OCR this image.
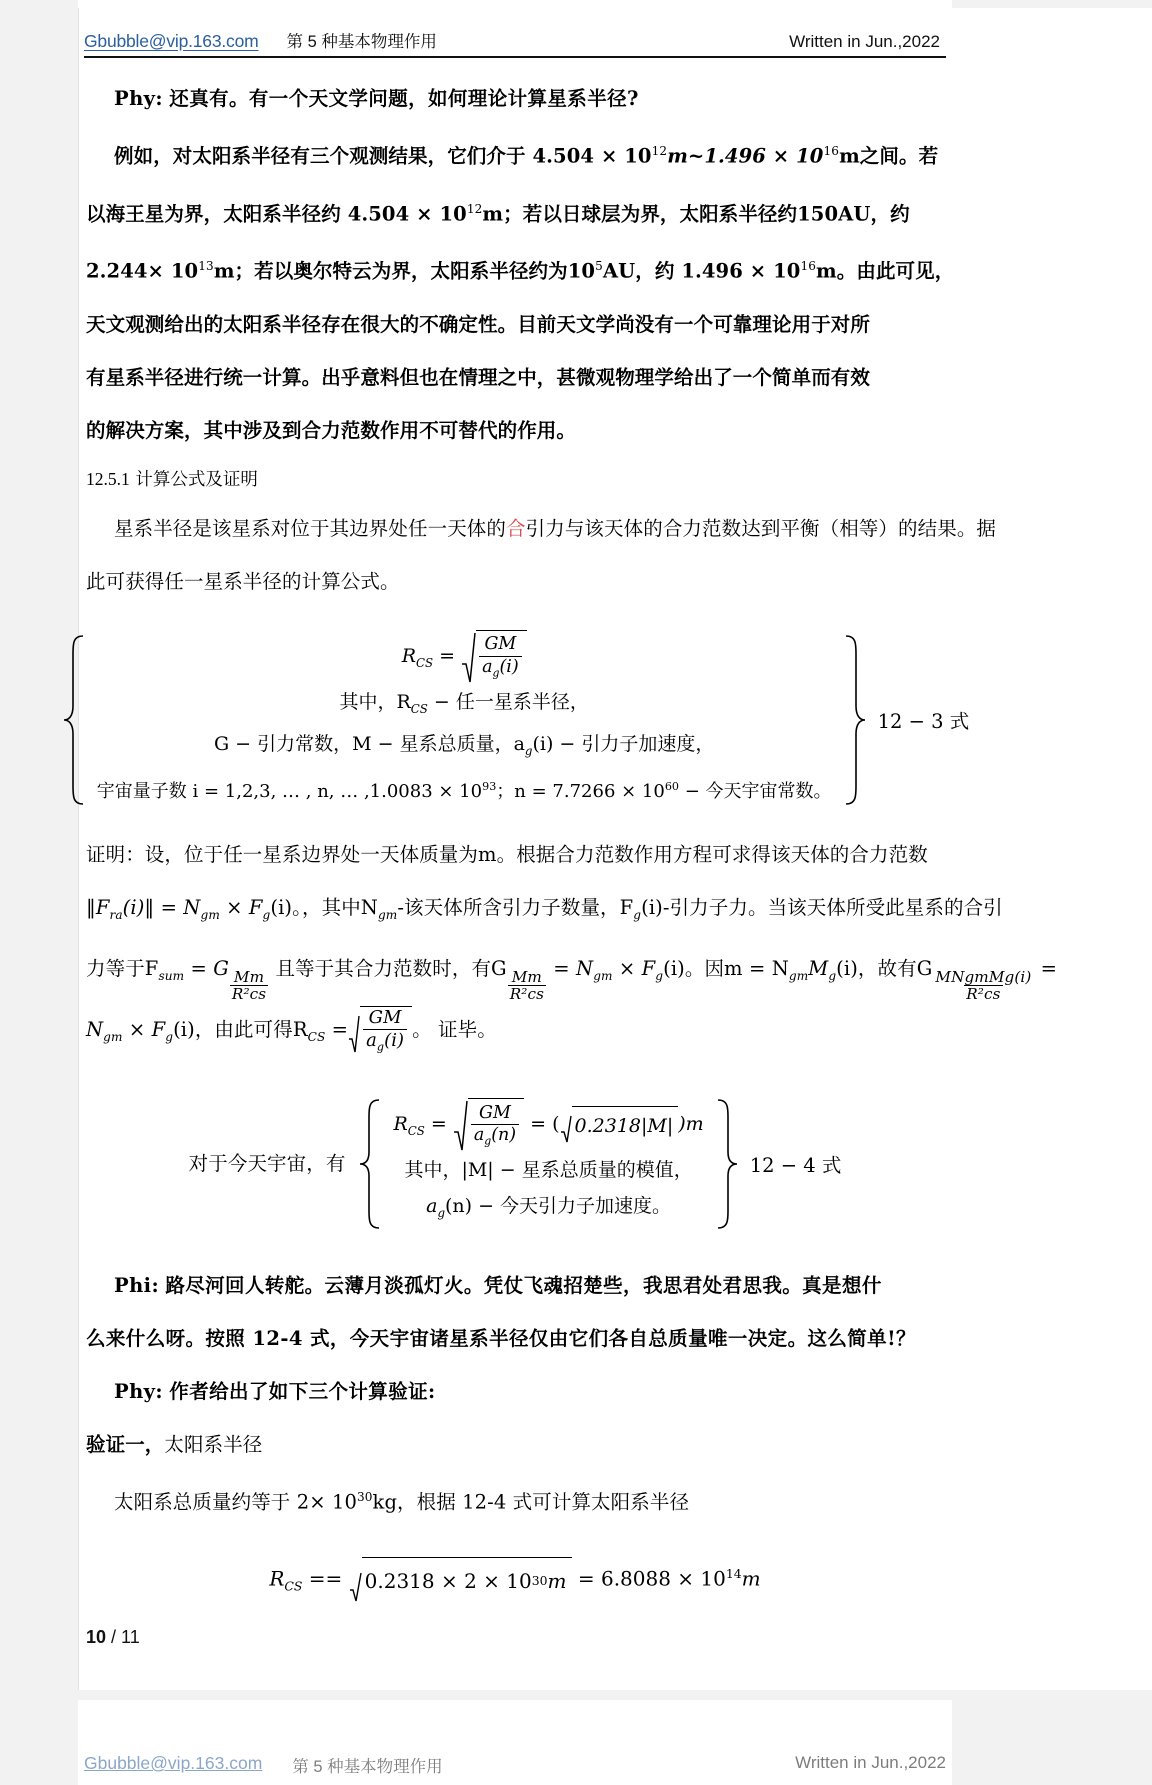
Gbubble@vip.163.com 第 5 种基本物理作用	Written in Jun.,2022
Phy: 还真有。有一个天文学问题，如何理论计算星系半径?
例如，对太阳系半径有三个观测结果，它们介于 $4.504 \times 10^{12}m\sim 1.496 \times 10^{16}m$之间。若
以海王星为界，太阳系半径约 $4.504 \times 10^{12}m$；若以日球层为界，太阳系半径约150AU，约
$2.244\times 10^{13}m$；若以奥尔特云为界，太阳系半径约为$10^5AU$，约 $1.496 \times 10^{16}m$。由此可见，
天文观测给出的太阳系半径存在很大的不确定性。目前天文学尚没有一个可靠理论用于对所
有星系半径进行统一计算。出乎意料但也在情理之中，甚微观物理学给出了一个简单而有效
的解决方案，其中涉及到合力范数作用不可替代的作用。
12.5.1 计算公式及证明
星系半径是该星系对位于其边界处任一天体的合引力与该天体的合力范数达到平衡（相等）的结果。据
此可获得任一星系半径的计算公式。
$R_{CS} = \frac{GM}{a_g(i)}$
其中，$R_{CS}$ − 任一星系半径，
G − 引力常数，M − 星系总质量，$a_g(i)$ − 引力子加速度，
宇宙量子数 i = 1,2,3, … , n, … $,1.0083 \times 10^{93}$；$n = 7.7266 \times 10^{60}$ − 今天宇宙常数。
12 − 3 式
证明：设，位于任一星系边界处一天体质量为m。根据合力范数作用方程可求得该天体的合力范数
$‖F_{ra}(i)‖ = N_{gm} \times F_g(i)$。，其中$N_{gm}-$该天体所含引力子数量，$F_g(i)-$引力子力。当该天体所受此星系的合引
力等于$F_{sum} = G$
$\frac{Mm}{\text{R²cs}}$
且等于其合力范数时，有G
$\frac{Mm}{\text{R²cs}}$
= $N_{gm} \times F_g(i)$。因$m = N_{gm}M_g(i)$，故有G MNgmMg(i)
R²cs
=
$N_{gm} \times F_g(i)$，由此可得$R_{CS} = \frac{GM}{a_g(i)}$ 。 证毕。
对于今天宇宙，有
$R_{CS} = \frac{GM}{a_g(n)}$ = ( 0.2318|M| )m
其中，|M| − 星系总质量的模值，
$a_g(n)$ − 今天引力子加速度。
12 − 4 式
Phi: 路尽河回人转舵。云薄月淡孤灯火。凭仗飞魂招楚些，我思君处君思我。真是想什
么来什么呀。按照 12-4 式，今天宇宙诸星系半径仅由它们各自总质量唯一决定。这么简单!？
Phy: 作者给出了如下三个计算验证:
验证一，太阳系半径
太阳系总质量约等于 $2\times 10^{30}kg$，根据 12-4 式可计算太阳系半径
$R_{CS} == 0.2318 \times 2 \times 10$ 30 $m = 6.8088 \times 10^{14}m$
10 / 11
Gbubble@vip.163.com 第 5 种基本物理作用	Written in Jun.,2022
